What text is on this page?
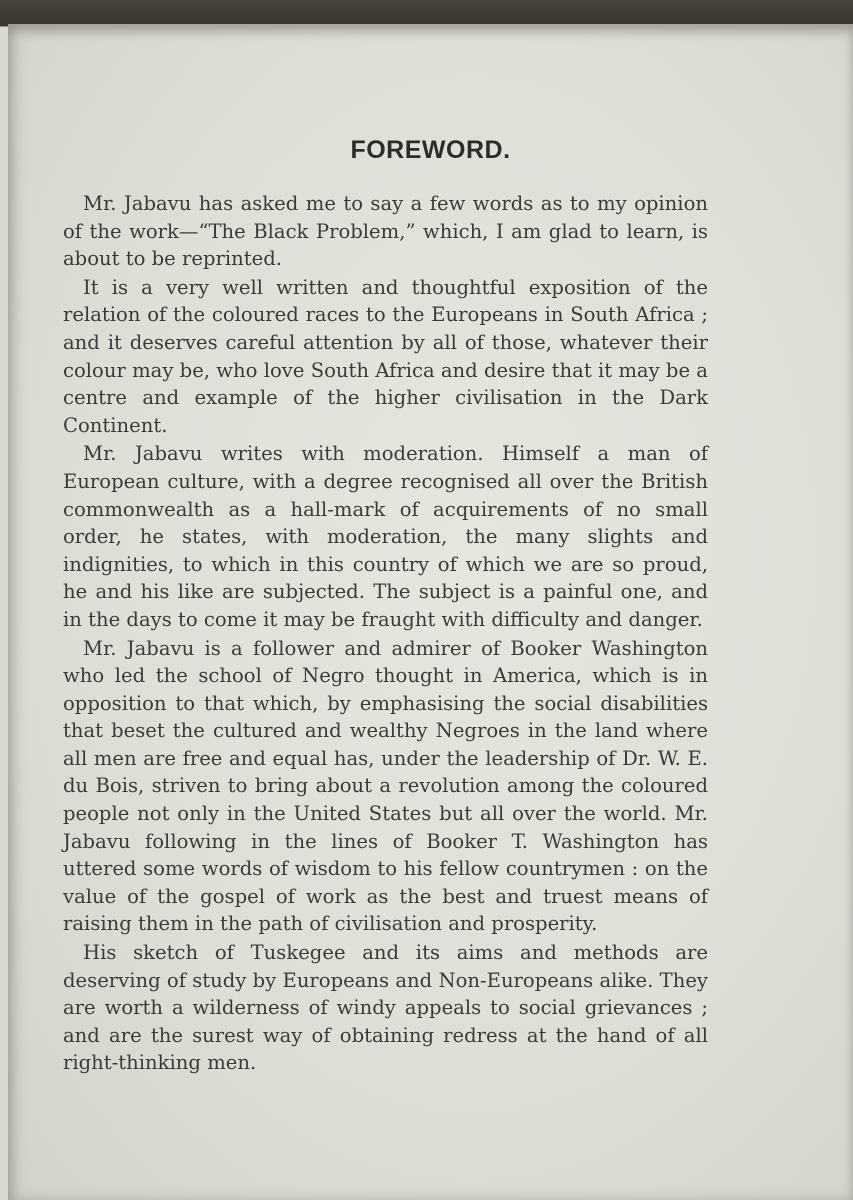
FOREWORD.

Mr. Jabavu has asked me to say a few words as to my opinion of the work—“The Black Problem,” which, I am glad to learn, is about to be reprinted.

It is a very well written and thoughtful exposition of the relation of the coloured races to the Europeans in South Africa ; and it deserves careful attention by all of those, whatever their colour may be, who love South Africa and desire that it may be a centre and example of the higher civilisation in the Dark Continent.

Mr. Jabavu writes with moderation. Himself a man of European culture, with a degree recognised all over the British commonwealth as a hall-mark of acquirements of no small order, he states, with moderation, the many slights and indignities, to which in this country of which we are so proud, he and his like are subjected. The subject is a painful one, and in the days to come it may be fraught with difficulty and danger.

Mr. Jabavu is a follower and admirer of Booker Washington who led the school of Negro thought in America, which is in opposition to that which, by emphasising the social disabilities that beset the cultured and wealthy Negroes in the land where all men are free and equal has, under the leadership of Dr. W. E. du Bois, striven to bring about a revolution among the coloured people not only in the United States but all over the world. Mr. Jabavu following in the lines of Booker T. Washington has uttered some words of wisdom to his fellow countrymen : on the value of the gospel of work as the best and truest means of raising them in the path of civilisation and prosperity.

His sketch of Tuskegee and its aims and methods are deserving of study by Europeans and Non-Europeans alike. They are worth a wilderness of windy appeals to social grievances ; and are the surest way of obtaining redress at the hand of all right-thinking men.
